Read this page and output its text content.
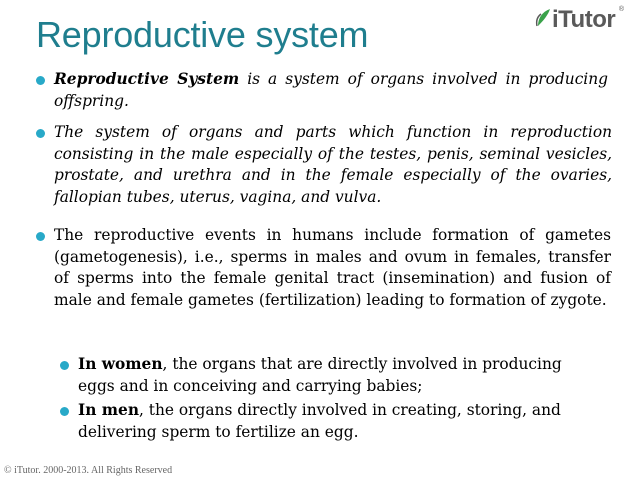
iTutor ®
Reproductive system
Reproductive System is a system of organs involved in producing offspring.
The system of organs and parts which function in reproduction consisting in the male especially of the testes, penis, seminal vesicles, prostate, and urethra and in the female especially of the ovaries, fallopian tubes, uterus, vagina, and vulva.
The reproductive events in humans include formation of gametes (gametogenesis), i.e., sperms in males and ovum in females, transfer of sperms into the female genital tract (insemination) and fusion of male and female gametes (fertilization) leading to formation of zygote.
In women, the organs that are directly involved in producing eggs and in conceiving and carrying babies;
In men, the organs directly involved in creating, storing, and delivering sperm to fertilize an egg.
© iTutor. 2000-2013. All Rights Reserved
